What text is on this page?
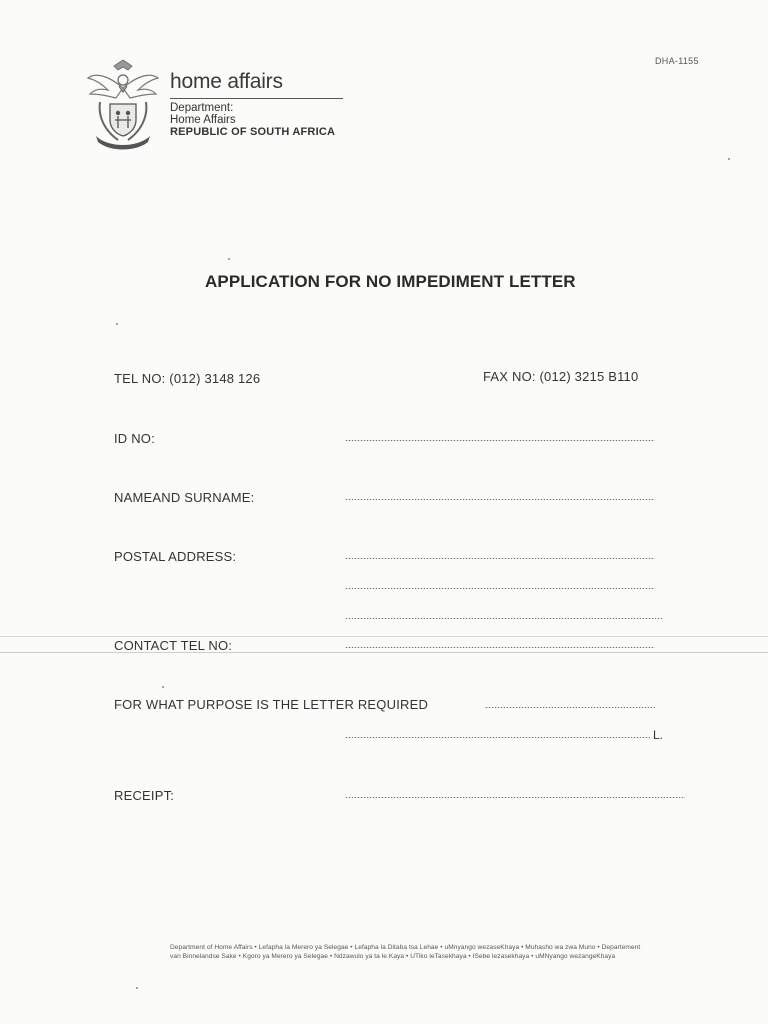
DHA-1155
home affairs
Department:
Home Affairs
REPUBLIC OF SOUTH AFRICA
APPLICATION FOR NO IMPEDIMENT LETTER
TEL NO: (012) 3148 126	FAX NO: (012) 3215 B110
ID NO:
NAMEAND SURNAME:
POSTAL ADDRESS:
CONTACT TEL NO:
FOR WHAT PURPOSE IS THE LETTER REQUIRED
L.
RECEIPT:
Department of Home Affairs • Lefapha la Merero ya Selegae • Lefapha la Ditaba tsa Lehae • uMnyango wezaseKhaya • Muhasho wa zwa Muno • Departement
van Binnelandse Sake • Kgoro ya Merero ya Selegae • Ndzawulo ya ta le Kaya • UTiko leTasekhaya • ISebe lezasekhaya • uMNyango wezangeKhaya
